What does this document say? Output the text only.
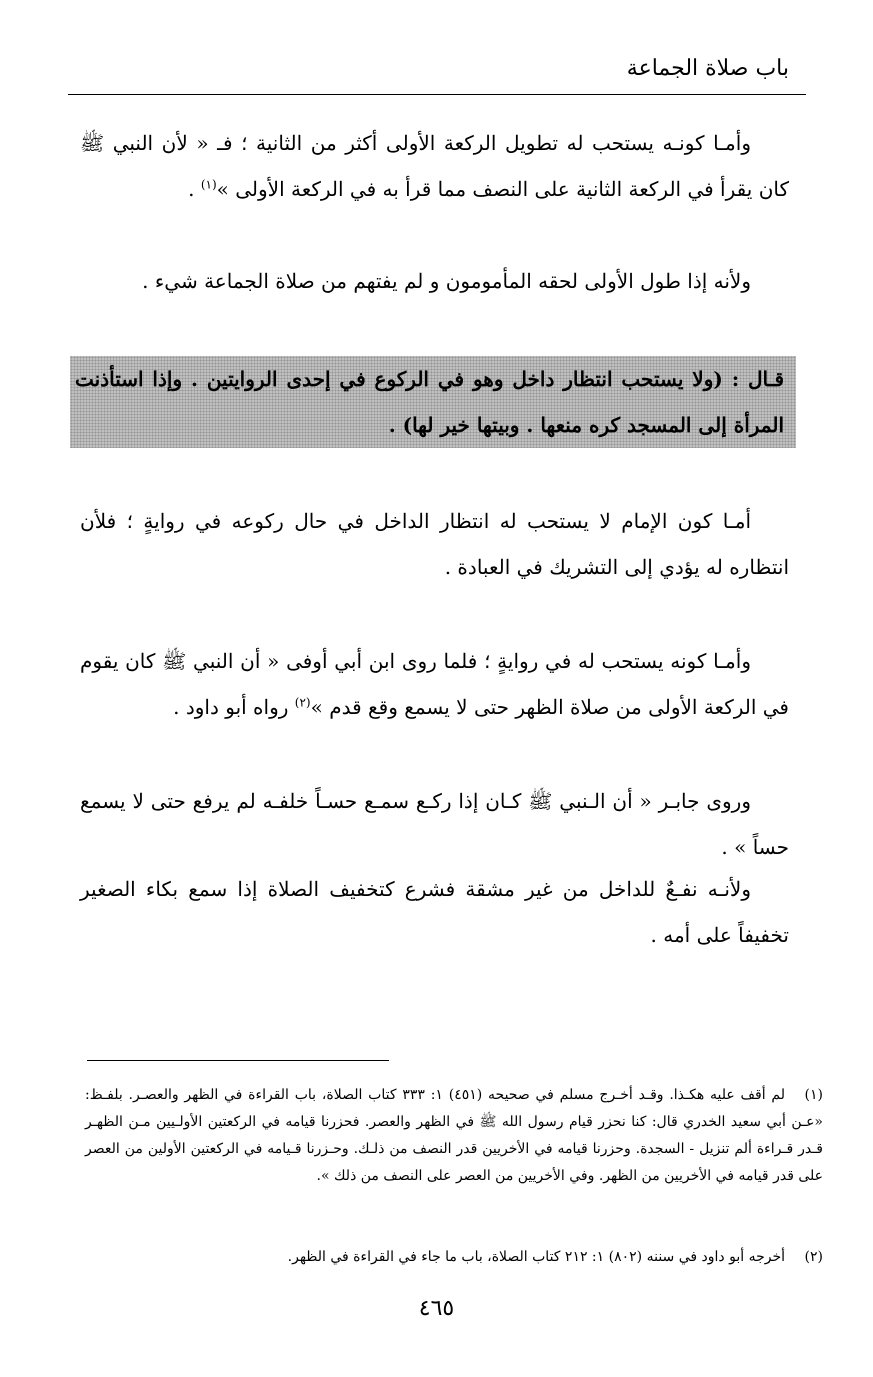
باب صلاة الجماعة

وأمـا كونـه يستحب له تطويل الركعة الأولى أكثر من الثانية ؛ فـ « لأن النبي ﷺ كان يقرأ في الركعة الثانية على النصف مما قرأ به في الركعة الأولى »$^{(١)}$ .

ولأنه إذا طول الأولى لحقه المأمومون و لم يفتهم من صلاة الجماعة شيء .

قـال : (ولا يستحب انتظار داخل وهو في الركوع في إحدى الروايتين . وإذا استأذنت المرأة إلى المسجد كره منعها . وبيتها خير لها) .

أمـا كون الإمام لا يستحب له انتظار الداخل في حال ركوعه في روايةٍ ؛ فلأن انتظاره له يؤدي إلى التشريك في العبادة .

وأمـا كونه يستحب له في روايةٍ ؛ فلما روى ابن أبي أوفى « أن النبي ﷺ كان يقوم في الركعة الأولى من صلاة الظهر حتى لا يسمع وقع قدم »$^{(٢)}$ رواه أبو داود .

وروى جابـر « أن الـنبي ﷺ كـان إذا ركـع سمـع حسـاً خلفـه لم يرفع حتى لا يسمع حساً » .

ولأنـه نفـعٌ للداخل من غير مشقة فشرع كتخفيف الصلاة إذا سمع بكاء الصغير تخفيفاً على أمه .

(١)لم أقف عليه هكـذا. وقـد أخـرج مسلم في صحيحه (٤٥١) ١: ٣٣٣ كتاب الصلاة، باب القراءة في الظهر والعصـر. بلفـظ: «عـن أبي سعيد الخدري قال: كنا نحزر قيام رسول الله ﷺ في الظهر والعصر. فحزرنا قيامه في الركعتين الأولـيين مـن الظهـر قـدر قـراءة ألم تنزيل - السجدة. وحزرنا قيامه في الأخريين قدر النصف من ذلـك. وحـزرنا قـيامه في الركعتين الأولين من العصر على قدر قيامه في الأخريين من الظهر. وفي الأخريين من العصر على النصف من ذلك ».

(٢)أخرجه أبو داود في سننه (٨٠٢) ١: ٢١٢ كتاب الصلاة، باب ما جاء في القراءة في الظهر.

٤٦٥
